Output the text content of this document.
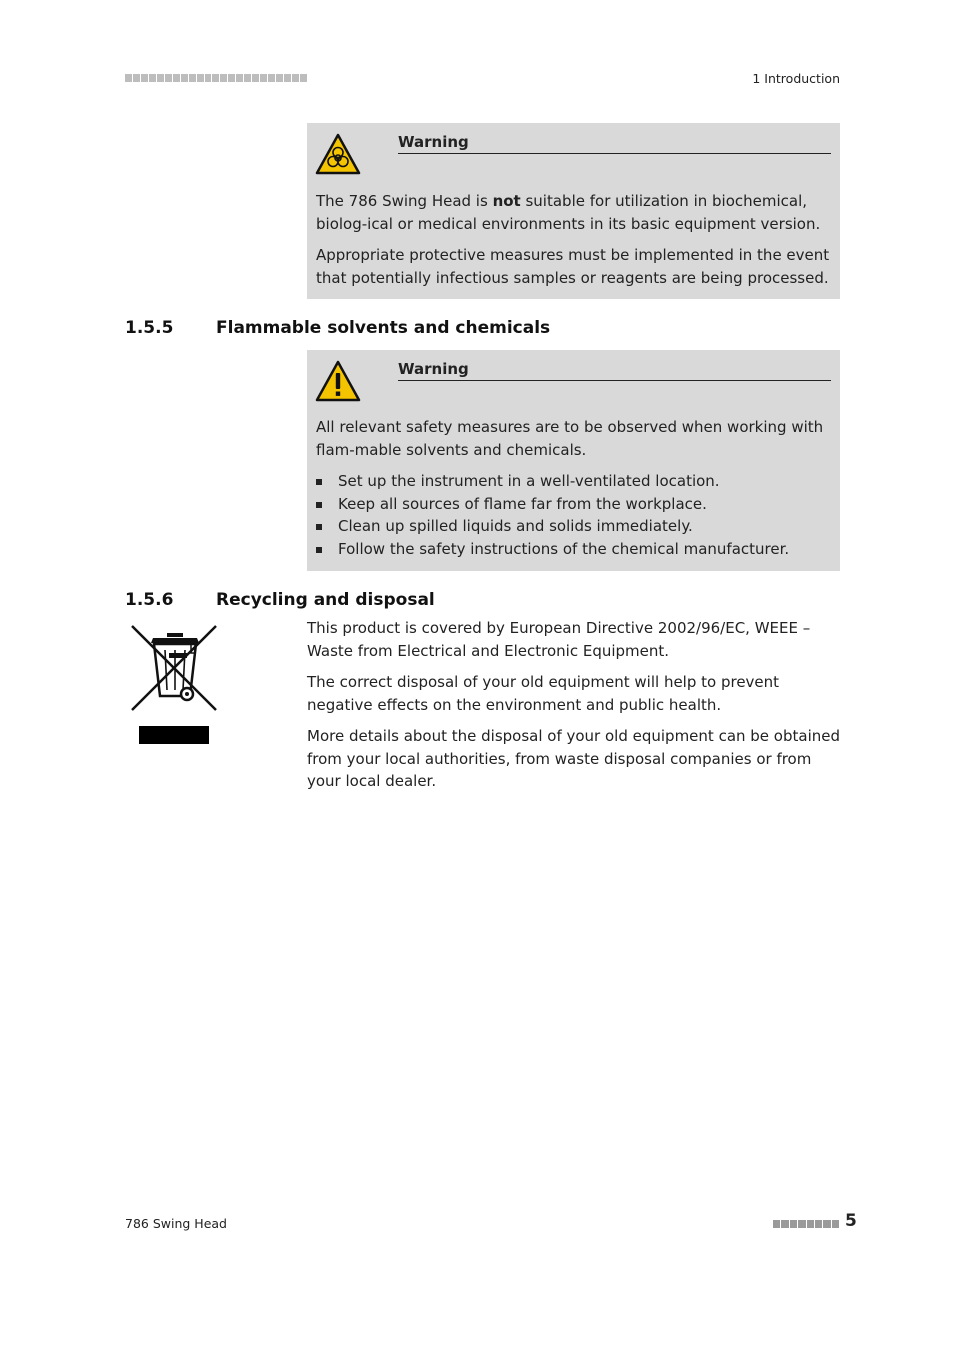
1 Introduction
Warning

The 786 Swing Head is not suitable for utilization in biochemical, biolog-ical or medical environments in its basic equipment version.

Appropriate protective measures must be implemented in the event that potentially infectious samples or reagents are being processed.

1.5.5	Flammable solvents and chemicals
Warning

All relevant safety measures are to be observed when working with flam-mable solvents and chemicals.

Set up the instrument in a well-ventilated location.
Keep all sources of flame far from the workplace.
Clean up spilled liquids and solids immediately.
Follow the safety instructions of the chemical manufacturer.
1.5.6	Recycling and disposal

This product is covered by European Directive 2002/96/EC, WEEE – Waste from Electrical and Electronic Equipment.

The correct disposal of your old equipment will help to prevent negative effects on the environment and public health.

More details about the disposal of your old equipment can be obtained from your local authorities, from waste disposal companies or from your local dealer.

786 Swing Head	5
